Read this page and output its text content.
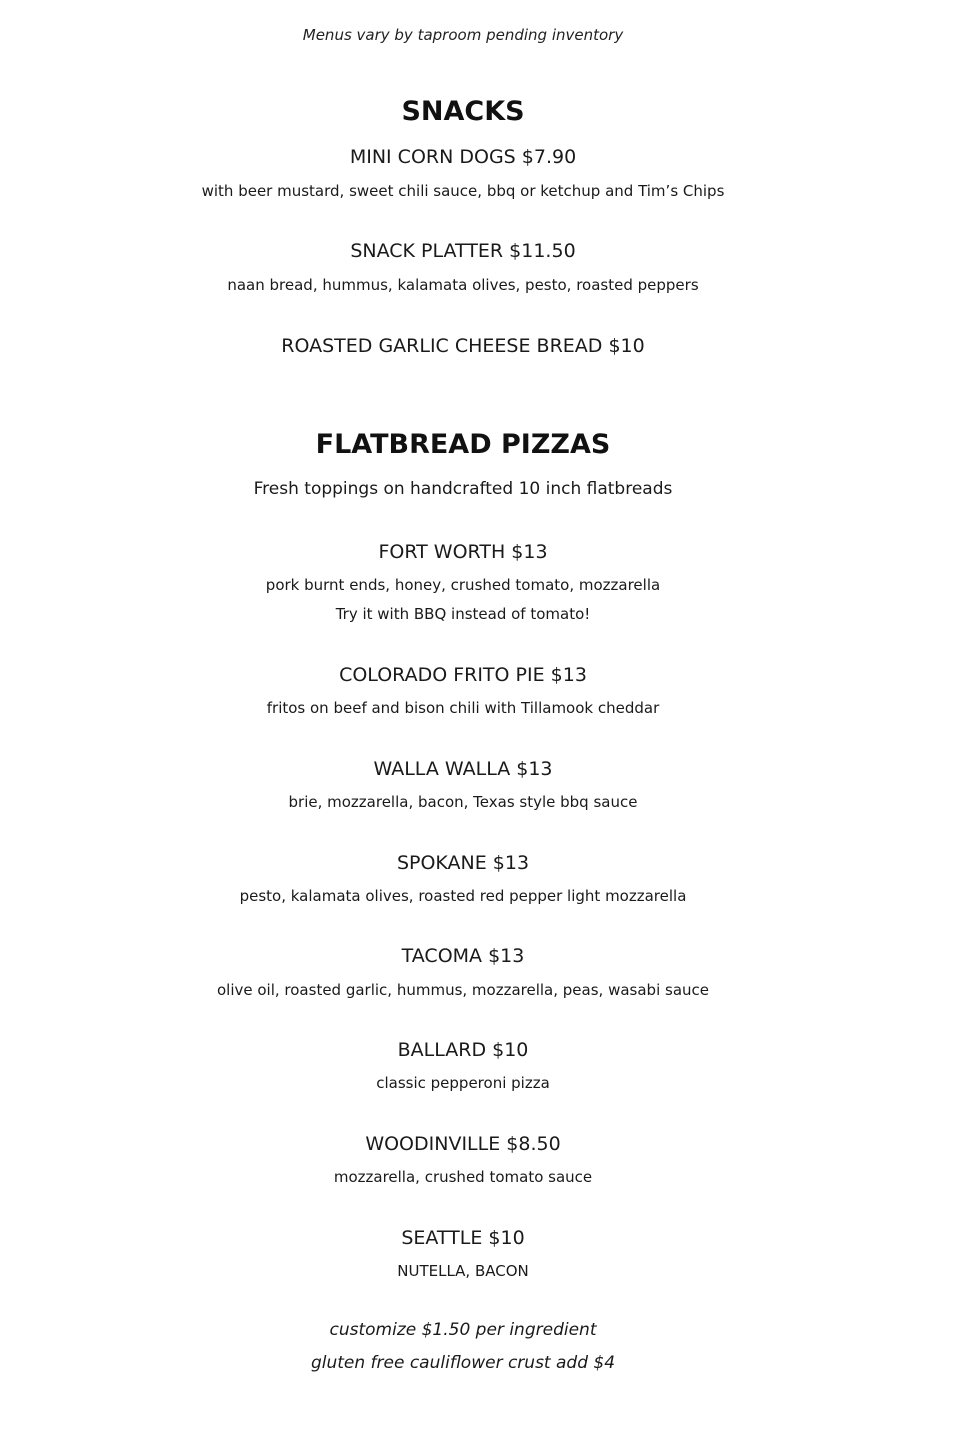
Menus vary by taproom pending inventory
SNACKS
MINI CORN DOGS $7.90
with beer mustard, sweet chili sauce, bbq or ketchup and Tim’s Chips
SNACK PLATTER $11.50
naan bread, hummus, kalamata olives, pesto, roasted peppers
ROASTED GARLIC CHEESE BREAD $10
FLATBREAD PIZZAS
Fresh toppings on handcrafted 10 inch flatbreads
FORT WORTH $13
pork burnt ends, honey, crushed tomato, mozzarella
Try it with BBQ instead of tomato!
COLORADO FRITO PIE $13
fritos on beef and bison chili with Tillamook cheddar
WALLA WALLA $13
brie, mozzarella, bacon, Texas style bbq sauce
SPOKANE $13
pesto, kalamata olives, roasted red pepper light mozzarella
TACOMA $13
olive oil, roasted garlic, hummus, mozzarella, peas, wasabi sauce
BALLARD $10
classic pepperoni pizza
WOODINVILLE $8.50
mozzarella, crushed tomato sauce
SEATTLE $10
NUTELLA, BACON
customize $1.50 per ingredient
gluten free cauliflower crust add $4
